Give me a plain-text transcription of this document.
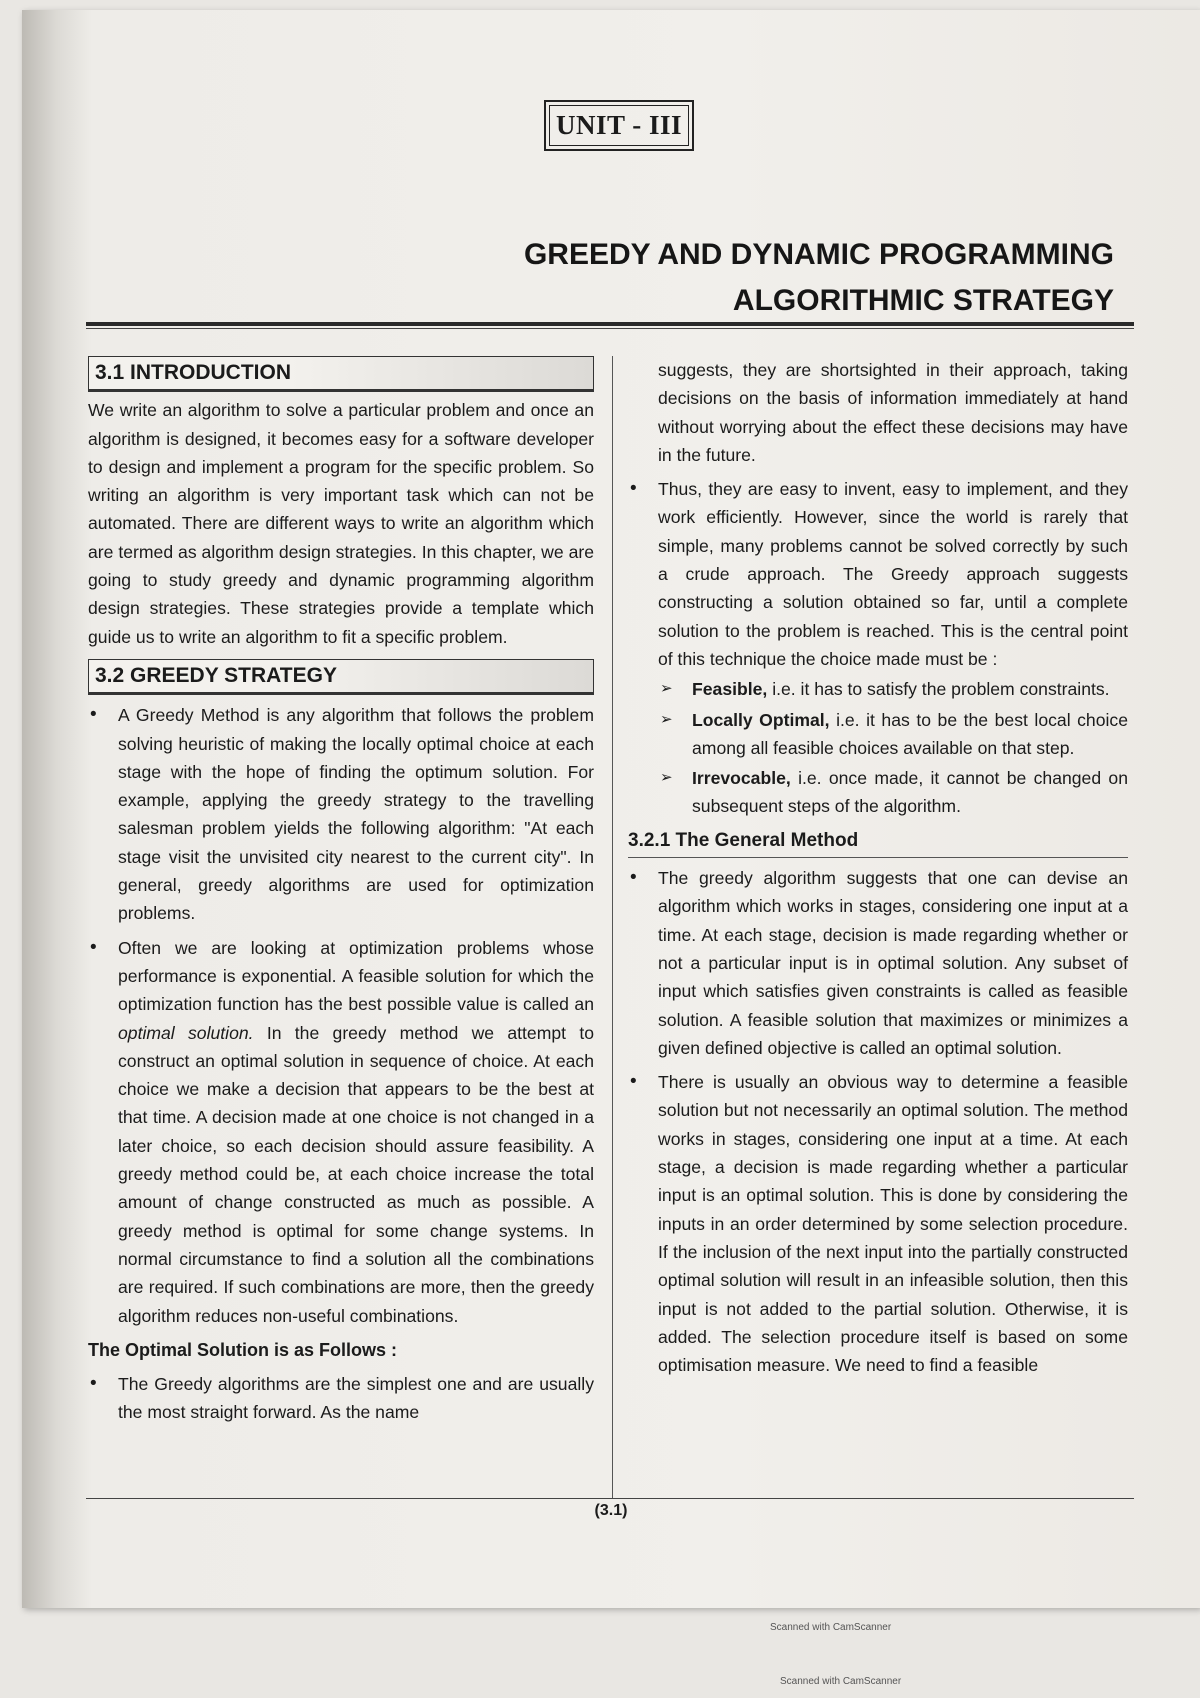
UNIT - III
GREEDY AND DYNAMIC PROGRAMMING
ALGORITHMIC STRATEGY
3.1 INTRODUCTION

We write an algorithm to solve a particular problem and once an algorithm is designed, it becomes easy for a software developer to design and implement a program for the specific problem. So writing an algorithm is very important task which can not be automated. There are different ways to write an algorithm which are termed as algorithm design strategies. In this chapter, we are going to study greedy and dynamic programming algorithm design strategies. These strategies provide a template which guide us to write an algorithm to fit a specific problem.

3.2 GREEDY STRATEGY
• A Greedy Method is any algorithm that follows the problem solving heuristic of making the locally optimal choice at each stage with the hope of finding the optimum solution. For example, applying the greedy strategy to the travelling salesman problem yields the following algorithm: "At each stage visit the unvisited city nearest to the current city". In general, greedy algorithms are used for optimization problems.
• Often we are looking at optimization problems whose performance is exponential. A feasible solution for which the optimization function has the best possible value is called an optimal solution. In the greedy method we attempt to construct an optimal solution in sequence of choice. At each choice we make a decision that appears to be the best at that time. A decision made at one choice is not changed in a later choice, so each decision should assure feasibility. A greedy method could be, at each choice increase the total amount of change constructed as much as possible. A greedy method is optimal for some change systems. In normal circumstance to find a solution all the combinations are required. If such combinations are more, then the greedy algorithm reduces non-useful combinations.
The Optimal Solution is as Follows :
• The Greedy algorithms are the simplest one and are usually the most straight forward. As the name

suggests, they are shortsighted in their approach, taking decisions on the basis of information immediately at hand without worrying about the effect these decisions may have in the future.

• Thus, they are easy to invent, easy to implement, and they work efficiently. However, since the world is rarely that simple, many problems cannot be solved correctly by such a crude approach. The Greedy approach suggests constructing a solution obtained so far, until a complete solution to the problem is reached. This is the central point of this technique the choice made must be :
➢ Feasible, i.e. it has to satisfy the problem constraints.
➢ Locally Optimal, i.e. it has to be the best local choice among all feasible choices available on that step.
➢ Irrevocable, i.e. once made, it cannot be changed on subsequent steps of the algorithm.
3.2.1 The General Method
• The greedy algorithm suggests that one can devise an algorithm which works in stages, considering one input at a time. At each stage, decision is made regarding whether or not a particular input is in optimal solution. Any subset of input which satisfies given constraints is called as feasible solution. A feasible solution that maximizes or minimizes a given defined objective is called an optimal solution.
• There is usually an obvious way to determine a feasible solution but not necessarily an optimal solution. The method works in stages, considering one input at a time. At each stage, a decision is made regarding whether a particular input is an optimal solution. This is done by considering the inputs in an order determined by some selection procedure. If the inclusion of the next input into the partially constructed optimal solution will result in an infeasible solution, then this input is not added to the partial solution. Otherwise, it is added. The selection procedure itself is based on some optimisation measure. We need to find a feasible
(3.1)
Scanned with CamScanner
Scanned with CamScanner
